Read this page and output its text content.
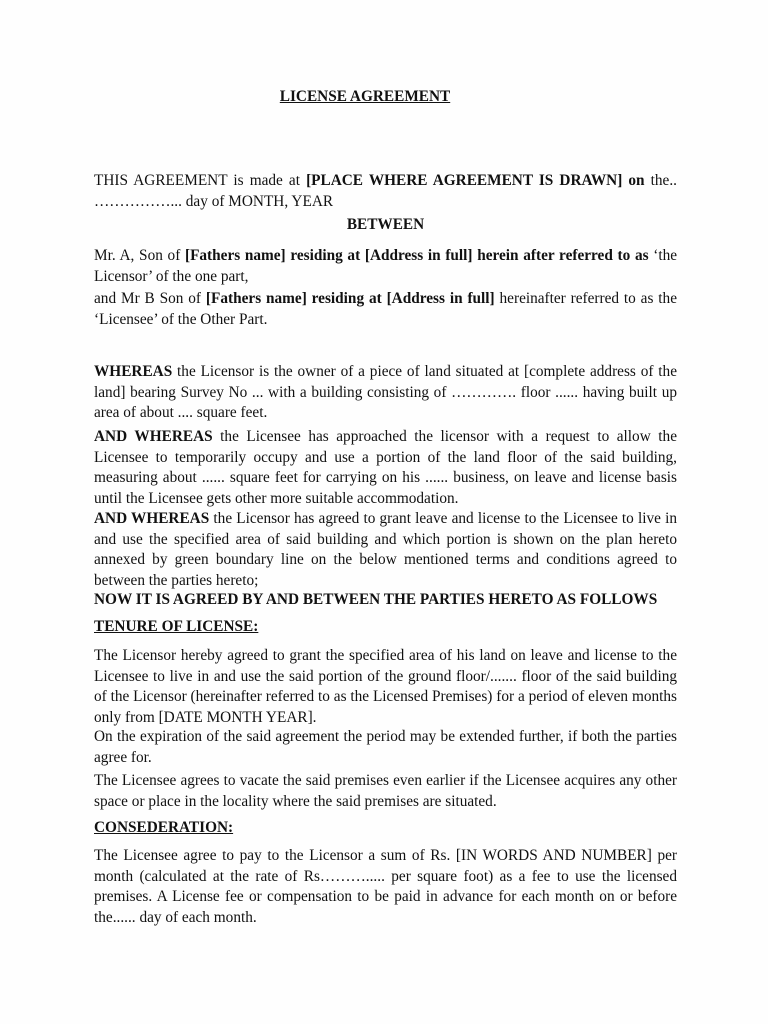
LICENSE AGREEMENT

THIS AGREEMENT is made at [PLACE WHERE AGREEMENT IS DRAWN] on the.. ……………... day of MONTH, YEAR

BETWEEN

Mr. A, Son of [Fathers name] residing at [Address in full] herein after referred to as ‘the Licensor’ of the one part,

and Mr B Son of [Fathers name] residing at [Address in full] hereinafter referred to as the ‘Licensee’ of the Other Part.

WHEREAS the Licensor is the owner of a piece of land situated at [complete address of the land] bearing Survey No ... with a building consisting of …………. floor ...... having built up area of about .... square feet.

AND WHEREAS the Licensee has approached the licensor with a request to allow the Licensee to temporarily occupy and use a portion of the land floor of the said building, measuring about ...... square feet for carrying on his ...... business, on leave and license basis until the Licensee gets other more suitable accommodation.

AND WHEREAS the Licensor has agreed to grant leave and license to the Licensee to live in and use the specified area of said building and which portion is shown on the plan hereto annexed by green boundary line on the below mentioned terms and conditions agreed to between the parties hereto;

NOW IT IS AGREED BY AND BETWEEN THE PARTIES HERETO AS FOLLOWS
TENURE OF LICENSE:

The Licensor hereby agreed to grant the specified area of his land on leave and license to the Licensee to live in and use the said portion of the ground floor/....... floor of the said building of the Licensor (hereinafter referred to as the Licensed Premises) for a period of eleven months only from [DATE MONTH YEAR].

On the expiration of the said agreement the period may be extended further, if both the parties agree for.

The Licensee agrees to vacate the said premises even earlier if the Licensee acquires any other space or place in the locality where the said premises are situated.

CONSEDERATION:

The Licensee agree to pay to the Licensor a sum of Rs. [IN WORDS AND NUMBER] per month (calculated at the rate of Rs………..... per square foot) as a fee to use the licensed premises. A License fee or compensation to be paid in advance for each month on or before the...... day of each month.
